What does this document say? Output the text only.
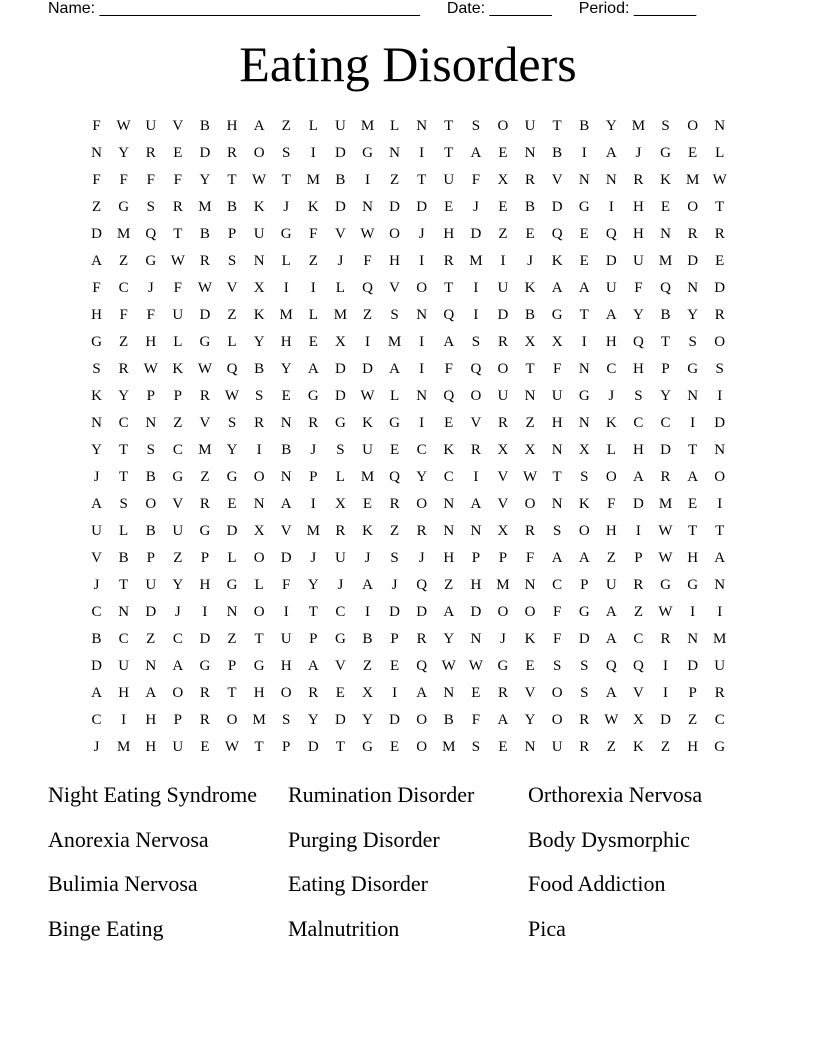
Name: ____________________________________ Date: _______ Period: _______
Eating Disorders
F	W U	V	B	H	A	Z	L	U	M	L	N	T	S	O	U	T	B	Y	M	S	O	N
N	Y	R	E	D	R	O	S	I	D	G	N	I	T	A	E	N	B	I	A	J	G	E	L
F	F	F	F	Y	T	W	T	M	B	I	Z	T	U	F	X	R	V	N	N	R	K	M W
Z	G	S	R	M	B	K	J	K	D	N	D	D	E	J	E	B	D	G	I	H	E	O	T
D	M	Q	T	B	P	U	G	F	V W O	J	H	D	Z	E	Q	E	Q	H	N	R	R
A	Z	G W	R	S	N	L	Z	J	F	H	I	R	M	I	J	K	E	D	U	M	D	E
F	C	J	F	W V	X	I	I	L	Q	V	O	T	I	U	K	A	A	U	F	Q	N	D
H	F	F	U	D	Z	K	M	L	M	Z	S	N	Q	I	D	B	G	T	A	Y	B	Y	R
G	Z	H	L	G	L	Y	H	E	X	I	M	I	A	S	R	X	X	I	H	Q	T	S	O
S	R	W K W Q	B	Y	A	D	D	A	I	F	Q	O	T	F	N	C	H	P	G	S
K	Y	P	P	R	W	S	E	G	D W	L	N	Q	O	U	N	U	G	J	S	Y	N	I
N	C	N	Z	V	S	R	N	R	G	K	G	I	E	V	R	Z	H	N	K	C	C	I	D
Y	T	S	C	M	Y	I	B	J	S	U	E	C	K	R	X	X	N	X	L	H	D	T	N
J	T	B	G	Z	G	O	N	P	L	M	Q	Y	C	I	V W	T	S	O	A	R	A	O
A	S	O	V	R	E	N	A	I	X	E	R	O	N	A	V	O	N	K	F	D	M	E	I
U	L	B	U	G	D	X	V	M	R	K	Z	R	N	N	X	R	S	O	H	I	W	T	T
V	B	P	Z	P	L	O	D	J	U	J	S	J	H	P	P	F	A	A	Z	P	W H	A
J	T	U	Y	H	G	L	F	Y	J	A	J	Q	Z	H	M	N	C	P	U	R	G	G	N
C	N	D	J	I	N	O	I	T	C	I	D	D	A	D	O	O	F	G	A	Z	W	I	I
B	C	Z	C	D	Z	T	U	P	G	B	P	R	Y	N	J	K	F	D	A	C	R	N	M
D	U	N	A	G	P	G	H	A	V	Z	E	Q W W G	E	S	S	Q	Q	I	D	U
A	H	A	O	R	T	H	O	R	E	X	I	A	N	E	R	V	O	S	A	V	I	P	R
C	I	H	P	R	O	M	S	Y	D	Y	D	O	B	F	A	Y	O	R	W X	D	Z	C
J	M	H	U	E	W	T	P	D	T	G	E	O	M	S	E	N	U	R	Z	K	Z	H	G
Night Eating Syndrome	Rumination Disorder	Orthorexia Nervosa
Anorexia Nervosa	Purging Disorder	Body Dysmorphic
Bulimia Nervosa	Eating Disorder	Food Addiction
Binge Eating	Malnutrition	Pica
